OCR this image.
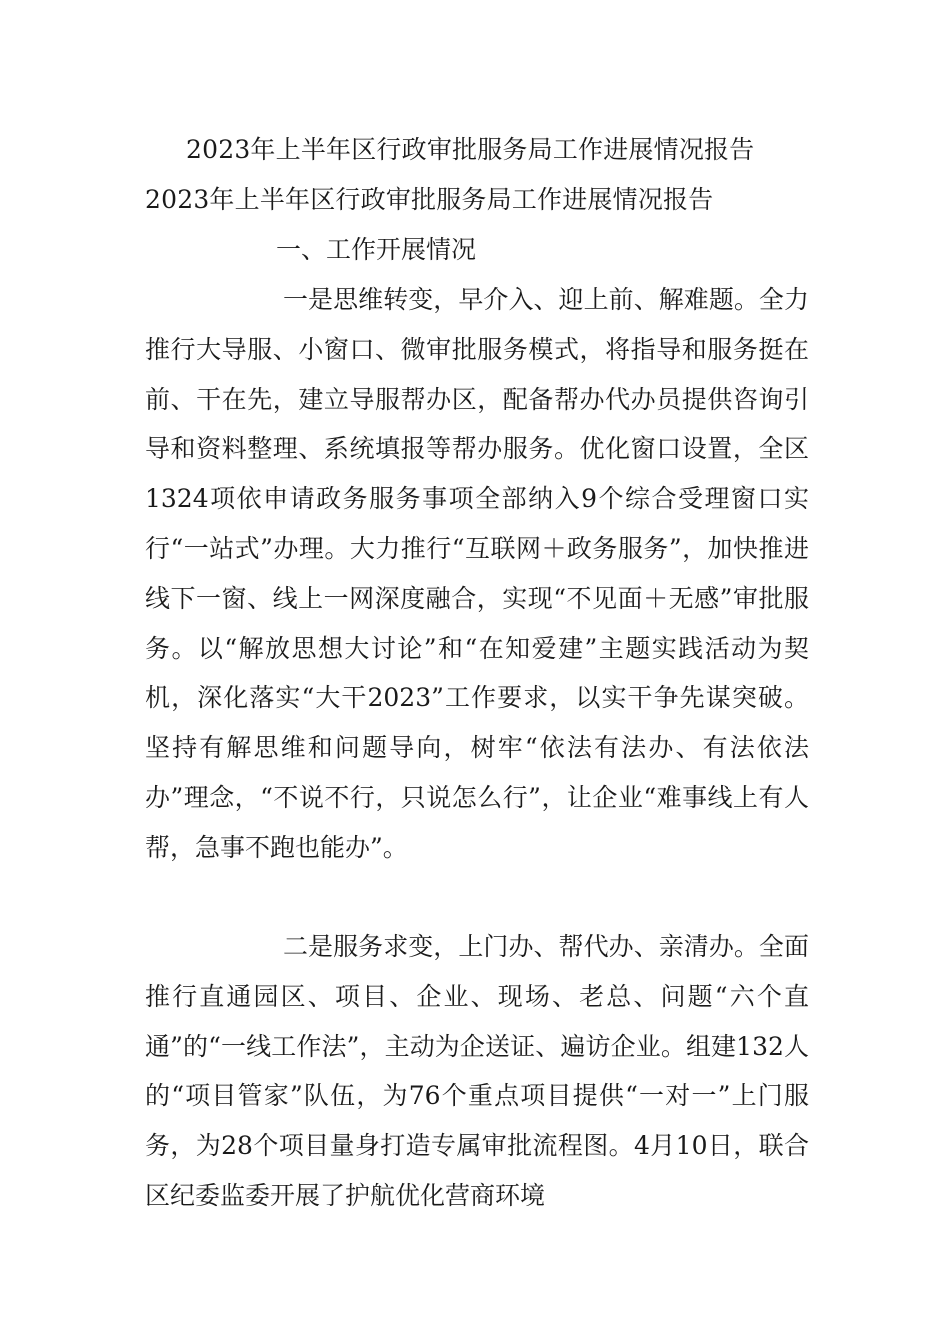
2023年上半年区行政审批服务局工作进展情况报告
2023年上半年区行政审批服务局工作进展情况报告
一、工作开展情况

一是思维转变，早介入、迎上前、解难题。全力推行大导服、小窗口、微审批服务模式，将指导和服务挺在前、干在先，建立导服帮办区，配备帮办代办员提供咨询引导和资料整理、系统填报等帮办服务。优化窗口设置，全区1324项依申请政务服务事项全部纳入9个综合受理窗口实行“一站式”办理。大力推行“互联网＋政务服务”，加快推进线下一窗、线上一网深度融合，实现“不见面＋无感”审批服务。以“解放思想大讨论”和“在知爱建”主题实践活动为契机，深化落实“大干2023”工作要求，以实干争先谋突破。坚持有解思维和问题导向，树牢“依法有法办、有法依法办”理念，“不说不行，只说怎么行”，让企业“难事线上有人帮，急事不跑也能办”。

二是服务求变，上门办、帮代办、亲清办。全面推行直通园区、项目、企业、现场、老总、问题“六个直通”的“一线工作法”，主动为企送证、遍访企业。组建132人的“项目管家”队伍，为76个重点项目提供“一对一”上门服务，为28个项目量身打造专属审批流程图。4月10日，联合区纪委监委开展了护航优化营商环境
